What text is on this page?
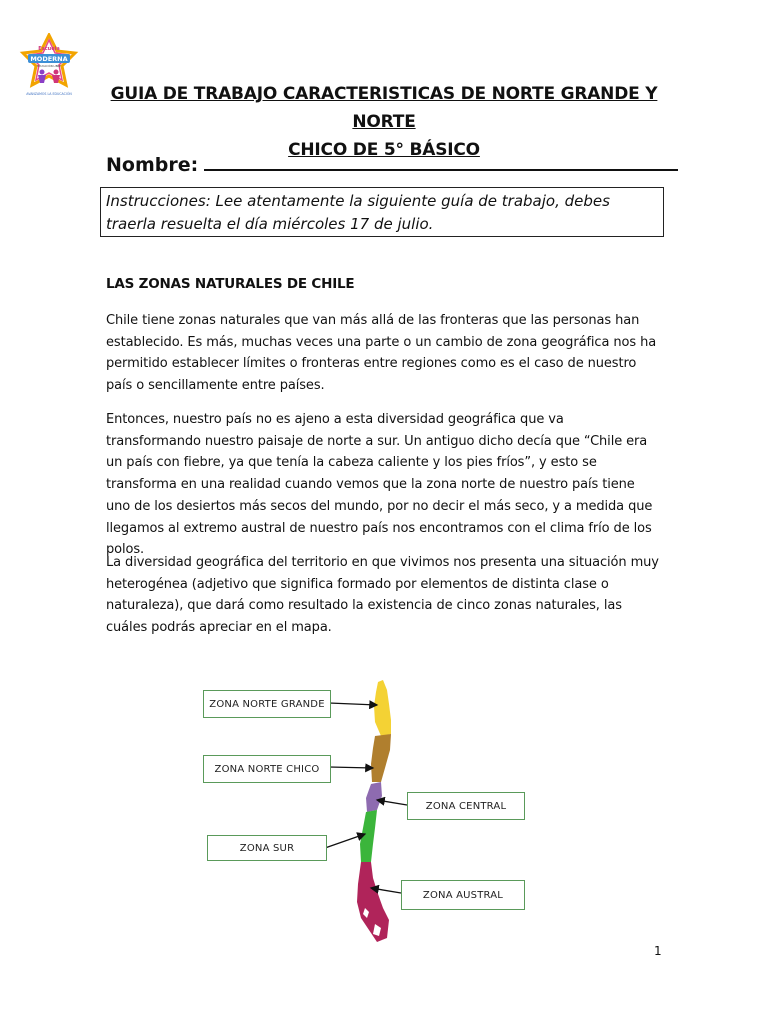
Escuela
MODERNA
EDUCACIÓN LIBRE
AVANZAMOS LA EDUCACIÓN	GUIA DE TRABAJO CARACTERISTICAS DE NORTE GRANDE Y NORTE
CHICO DE 5° BÁSICO
Nombre:
Instrucciones: Lee atentamente la siguiente guía de trabajo, debes traerla resuelta el día miércoles 17 de julio.
LAS ZONAS NATURALES DE CHILE

Chile tiene zonas naturales que van más allá de las fronteras que las personas han establecido. Es más, muchas veces una parte o un cambio de zona geográfica nos ha permitido establecer límites o fronteras entre regiones como es el caso de nuestro país o sencillamente entre países.

Entonces, nuestro país no es ajeno a esta diversidad geográfica que va transformando nuestro paisaje de norte a sur. Un antiguo dicho decía que “Chile era un país con fiebre, ya que tenía la cabeza caliente y los pies fríos”, y esto se transforma en una realidad cuando vemos que la zona norte de nuestro país tiene uno de los desiertos más secos del mundo, por no decir el más seco, y a medida que llegamos al extremo austral de nuestro país nos encontramos con el clima frío de los polos.

La diversidad geográfica del territorio en que vivimos nos presenta una situación muy heterogénea (adjetivo que significa formado por elementos de distinta clase o naturaleza), que dará como resultado la existencia de cinco zonas naturales, las cuáles podrás apreciar en el mapa.

ZONA NORTE GRANDE
ZONA NORTE CHICO
ZONA CENTRAL
ZONA SUR
ZONA AUSTRAL
1
